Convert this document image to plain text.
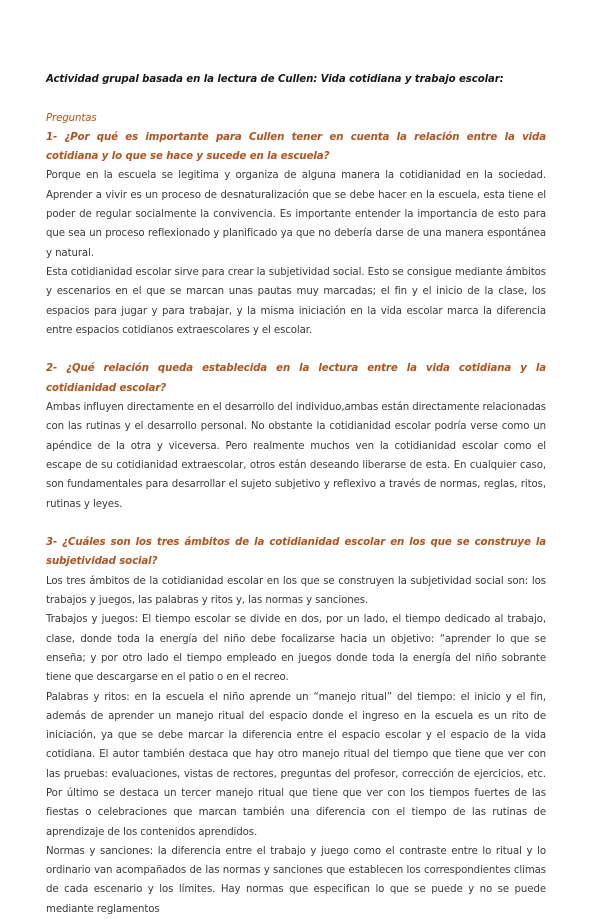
Actividad grupal basada en la lectura de Cullen: Vida cotidiana y trabajo escolar:

Preguntas

1- ¿Por qué es importante para Cullen tener en cuenta la relación entre la vida cotidiana y lo que se hace y sucede en la escuela?

Porque en la escuela se legitima y organiza de alguna manera la cotidianidad en la sociedad. Aprender a vivir es un proceso de desnaturalización que se debe hacer en la escuela, esta tiene el poder de regular socialmente la convivencia. Es importante entender la importancia de esto para que sea un proceso reflexionado y planificado ya que no debería darse de una manera espontánea y natural.

Esta cotidianidad escolar sirve para crear la subjetividad social. Esto se consigue mediante ámbitos y escenarios en el que se marcan unas pautas muy marcadas; el fin y el inicio de la clase, los espacios para jugar y para trabajar, y la misma iniciación en la vida escolar marca la diferencia entre espacios cotidianos extraescolares y el escolar.

2- ¿Qué relación queda establecida en la lectura entre la vida cotidiana y la cotidianidad escolar?

Ambas influyen directamente en el desarrollo del individuo,ambas están directamente relacionadas con las rutinas y el desarrollo personal. No obstante la cotidianidad escolar podría verse como un apéndice de la otra y viceversa. Pero realmente muchos ven la cotidianidad escolar como el escape de su cotidianidad extraescolar, otros están deseando liberarse de esta. En cualquier caso, son fundamentales para desarrollar el sujeto subjetivo y reflexivo a través de normas, reglas, ritos, rutinas y leyes.

3- ¿Cuáles son los tres ámbitos de la cotidianidad escolar en los que se construye la subjetividad social?

Los tres ámbitos de la cotidianidad escolar en los que se construyen la subjetividad social son: los trabajos y juegos, las palabras y ritos y, las normas y sanciones.

Trabajos y juegos: El tiempo escolar se divide en dos, por un lado, el tiempo dedicado al trabajo, clase, donde toda la energía del niño debe focalizarse hacia un objetivo: “aprender lo que se enseña; y por otro lado el tiempo empleado en juegos donde toda la energía del niño sobrante tiene que descargarse en el patio o en el recreo.

Palabras y ritos: en la escuela el niño aprende un “manejo ritual” del tiempo: el inicio y el fin, además de aprender un manejo ritual del espacio donde el ingreso en la escuela es un rito de iniciación, ya que se debe marcar la diferencia entre el espacio escolar y el espacio de la vida cotidiana. El autor también destaca que hay otro manejo ritual del tiempo que tiene que ver con las pruebas: evaluaciones, vistas de rectores, preguntas del profesor, corrección de ejercicios, etc. Por último se destaca un tercer manejo ritual que tiene que ver con los tiempos fuertes de las fiestas o celebraciones que marcan también una diferencia con el tiempo de las rutinas de aprendizaje de los contenidos aprendidos.

Normas y sanciones: la diferencia entre el trabajo y juego como el contraste entre lo ritual y lo ordinario van acompañados de las normas y sanciones que establecen los correspondientes climas de cada escenario y los límites. Hay normas que especifican lo que se puede y no se puede mediante reglamentos
